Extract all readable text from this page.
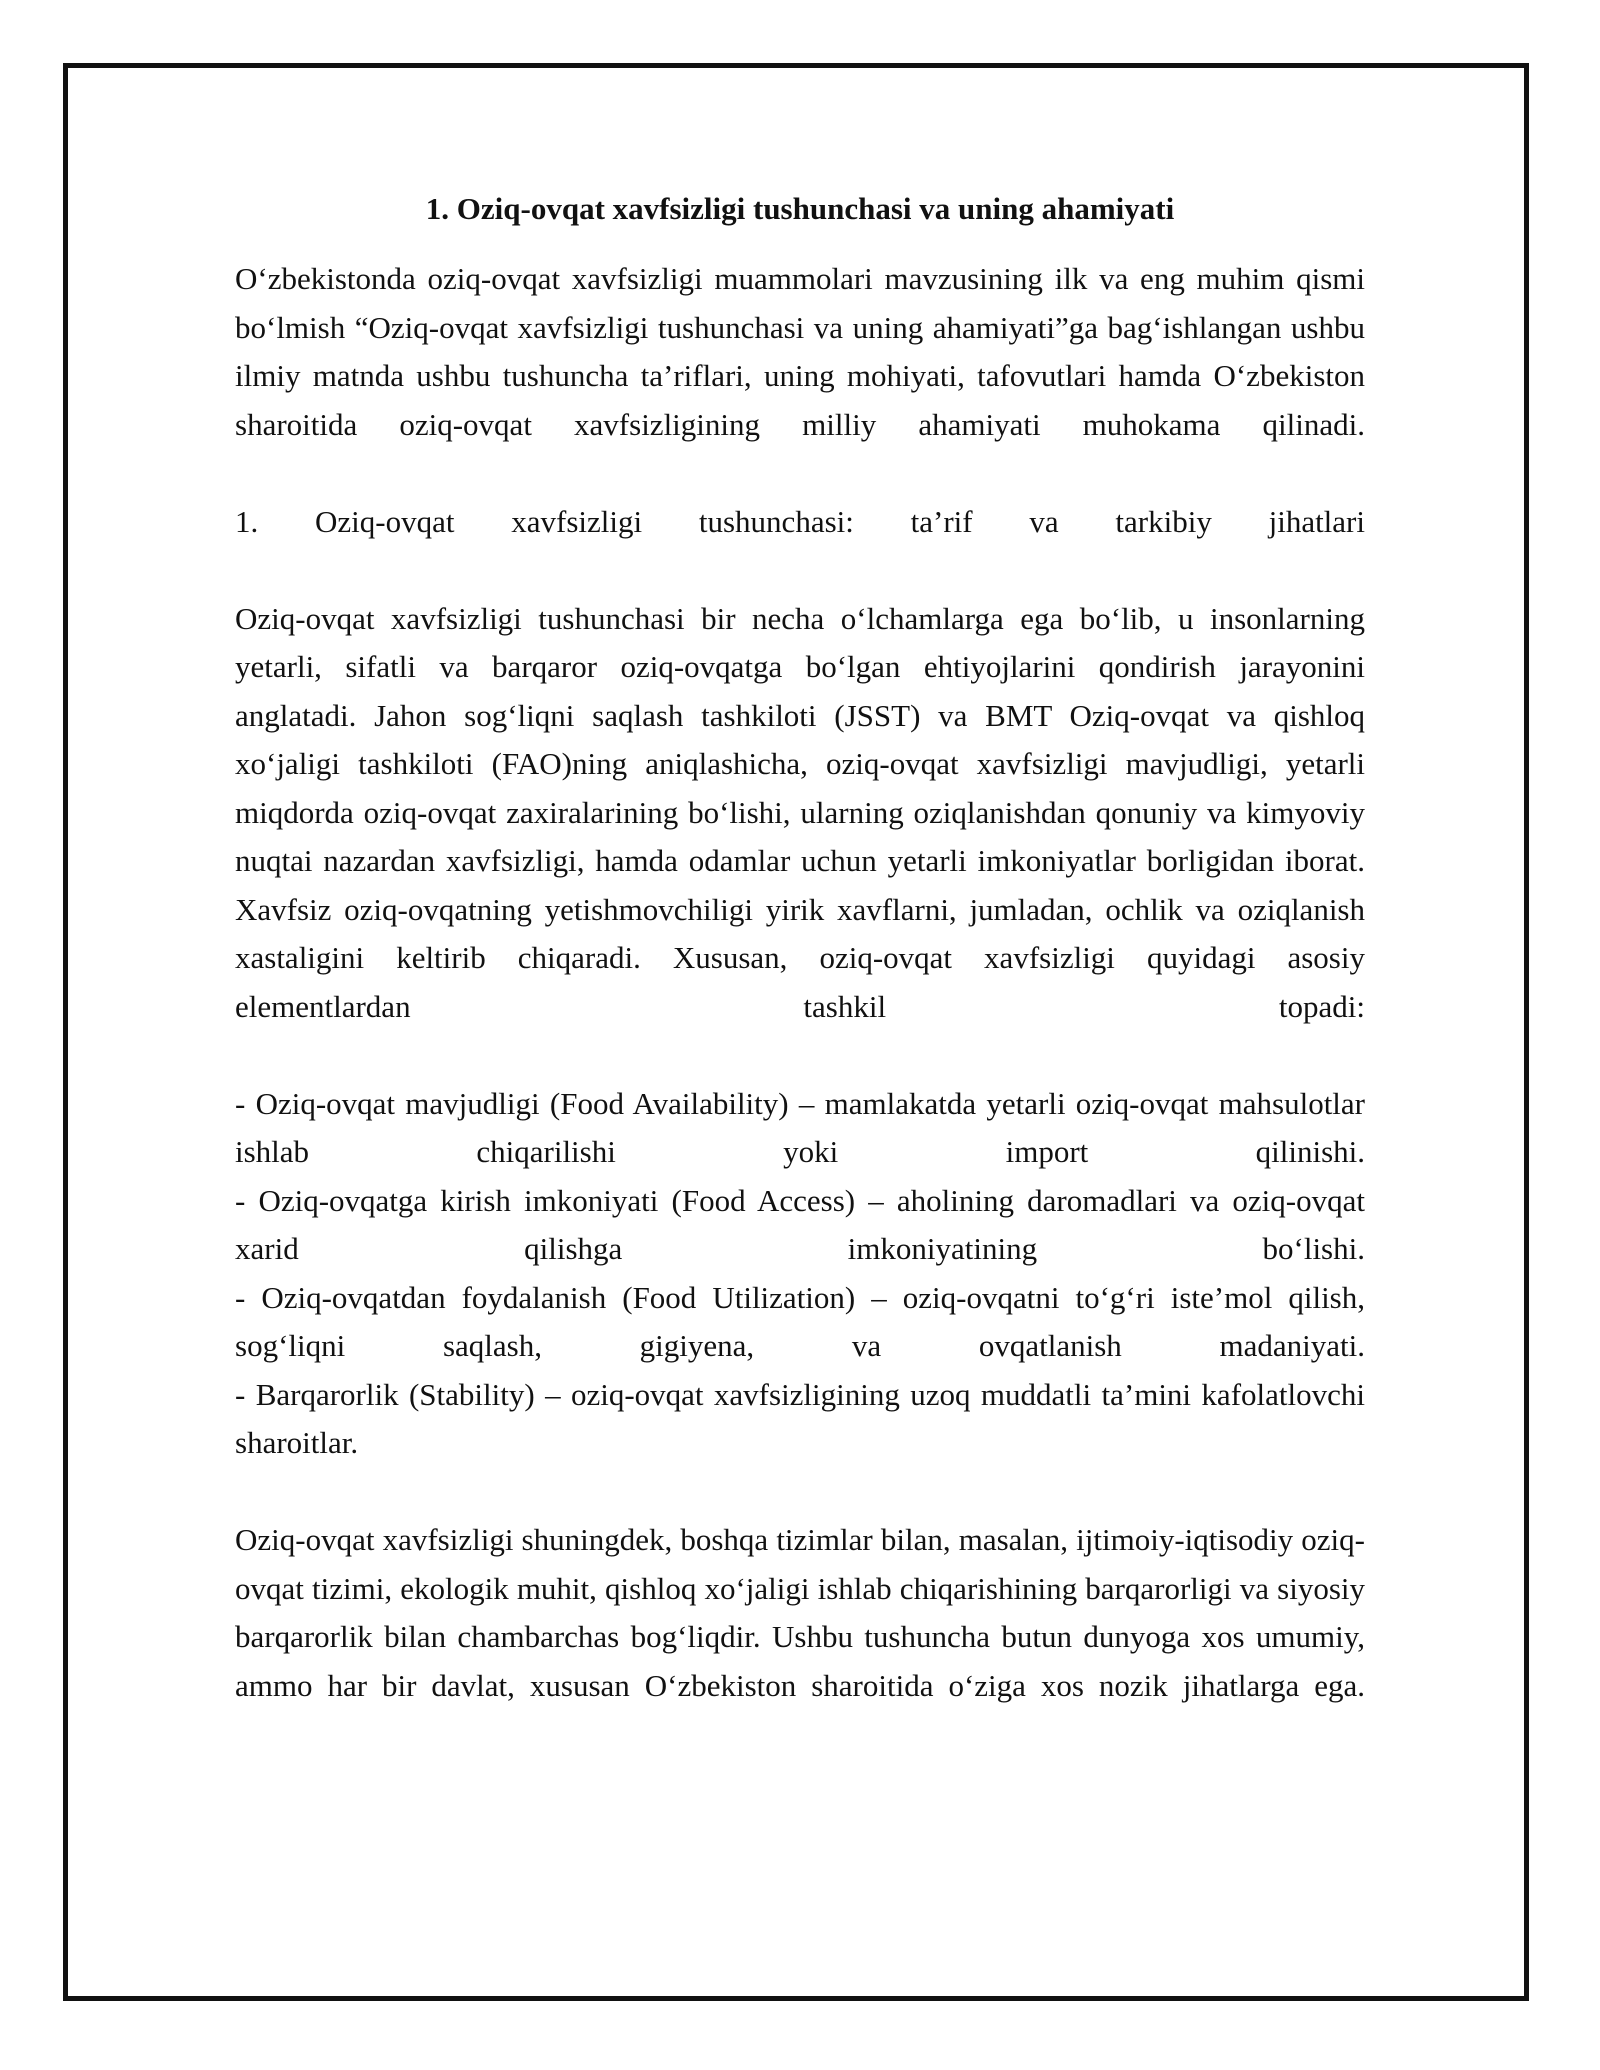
1. Oziq-ovqat xavfsizligi tushunchasi va uning ahamiyati

O‘zbekistonda oziq-ovqat xavfsizligi muammolari mavzusining ilk va eng muhim qismi bo‘lmish “Oziq-ovqat xavfsizligi tushunchasi va uning ahamiyati”ga bag‘ishlangan ushbu ilmiy matnda ushbu tushuncha ta’riflari, uning mohiyati, tafovutlari hamda O‘zbekiston sharoitida oziq-ovqat xavfsizligining milliy ahamiyati muhokama qilinadi.

1. Oziq-ovqat xavfsizligi tushunchasi: ta’rif va tarkibiy jihatlari

Oziq-ovqat xavfsizligi tushunchasi bir necha o‘lchamlarga ega bo‘lib, u insonlarning yetarli, sifatli va barqaror oziq-ovqatga bo‘lgan ehtiyojlarini qondirish jarayonini anglatadi. Jahon sog‘liqni saqlash tashkiloti (JSST) va BMT Oziq-ovqat va qishloq xo‘jaligi tashkiloti (FAO)ning aniqlashicha, oziq-ovqat xavfsizligi mavjudligi, yetarli miqdorda oziq-ovqat zaxiralarining bo‘lishi, ularning oziqlanishdan qonuniy va kimyoviy nuqtai nazardan xavfsizligi, hamda odamlar uchun yetarli imkoniyatlar borligidan iborat. Xavfsiz oziq-ovqatning yetishmovchiligi yirik xavflarni, jumladan, ochlik va oziqlanish xastaligini keltirib chiqaradi. Xususan, oziq-ovqat xavfsizligi quyidagi asosiy elementlardan tashkil topadi:

- Oziq-ovqat mavjudligi (Food Availability) – mamlakatda yetarli oziq-ovqat mahsulotlar ishlab chiqarilishi yoki import qilinishi.

- Oziq-ovqatga kirish imkoniyati (Food Access) – aholining daromadlari va oziq-ovqat xarid qilishga imkoniyatining bo‘lishi.

- Oziq-ovqatdan foydalanish (Food Utilization) – oziq-ovqatni to‘g‘ri iste’mol qilish, sog‘liqni saqlash, gigiyena, va ovqatlanish madaniyati.

- Barqarorlik (Stability) – oziq-ovqat xavfsizligining uzoq muddatli ta’mini kafolatlovchi sharoitlar.

Oziq-ovqat xavfsizligi shuningdek, boshqa tizimlar bilan, masalan, ijtimoiy-iqtisodiy oziq-ovqat tizimi, ekologik muhit, qishloq xo‘jaligi ishlab chiqarishining barqarorligi va siyosiy barqarorlik bilan chambarchas bog‘liqdir. Ushbu tushuncha butun dunyoga xos umumiy, ammo har bir davlat, xususan O‘zbekiston sharoitida o‘ziga xos nozik jihatlarga ega.
